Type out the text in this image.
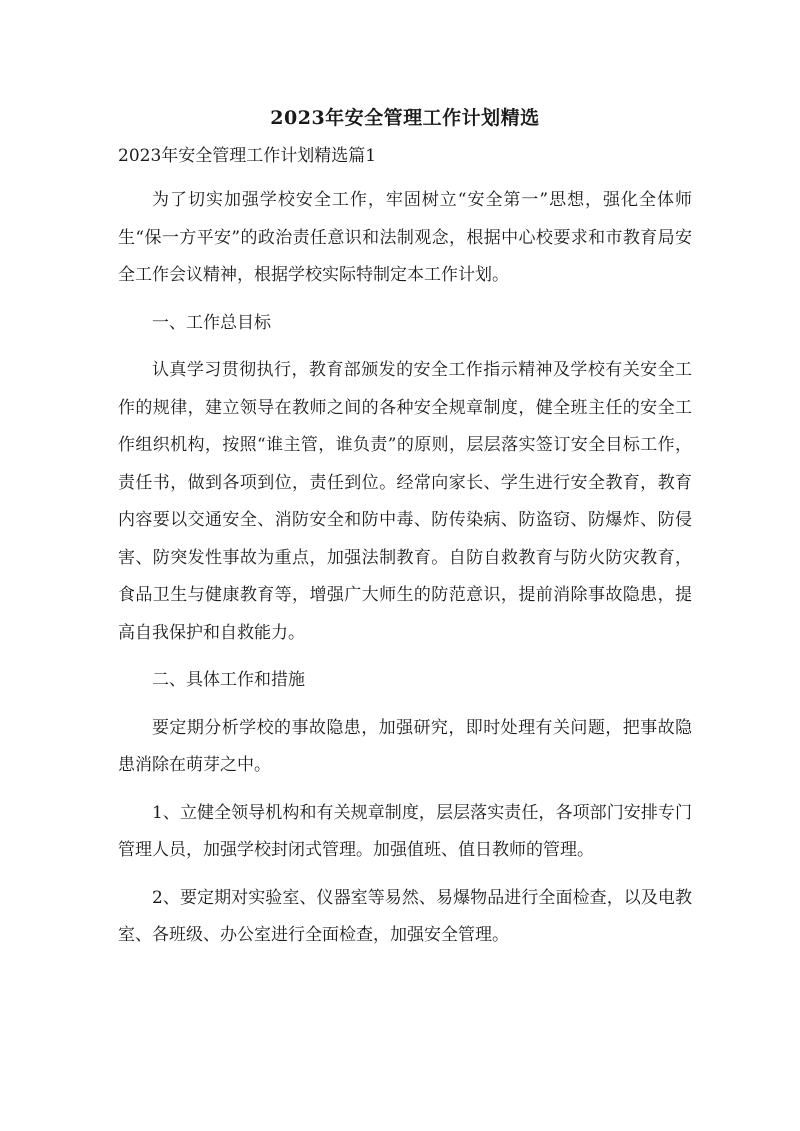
2023年安全管理工作计划精选
2023年安全管理工作计划精选篇1

为了切实加强学校安全工作，牢固树立“安全第一”思想，强化全体师生“保一方平安”的政治责任意识和法制观念，根据中心校要求和市教育局安全工作会议精神，根据学校实际特制定本工作计划。

一、工作总目标

认真学习贯彻执行，教育部颁发的安全工作指示精神及学校有关安全工作的规律，建立领导在教师之间的各种安全规章制度，健全班主任的安全工作组织机构，按照“谁主管，谁负责”的原则，层层落实签订安全目标工作，责任书，做到各项到位，责任到位。经常向家长、学生进行安全教育，教育内容要以交通安全、消防安全和防中毒、防传染病、防盗窃、防爆炸、防侵害、防突发性事故为重点，加强法制教育。自防自救教育与防火防灾教育，食品卫生与健康教育等，增强广大师生的防范意识，提前消除事故隐患，提高自我保护和自救能力。

二、具体工作和措施

要定期分析学校的事故隐患，加强研究，即时处理有关问题，把事故隐患消除在萌芽之中。

1、立健全领导机构和有关规章制度，层层落实责任，各项部门安排专门管理人员，加强学校封闭式管理。加强值班、值日教师的管理。

2、要定期对实验室、仪器室等易然、易爆物品进行全面检查，以及电教室、各班级、办公室进行全面检查，加强安全管理。
